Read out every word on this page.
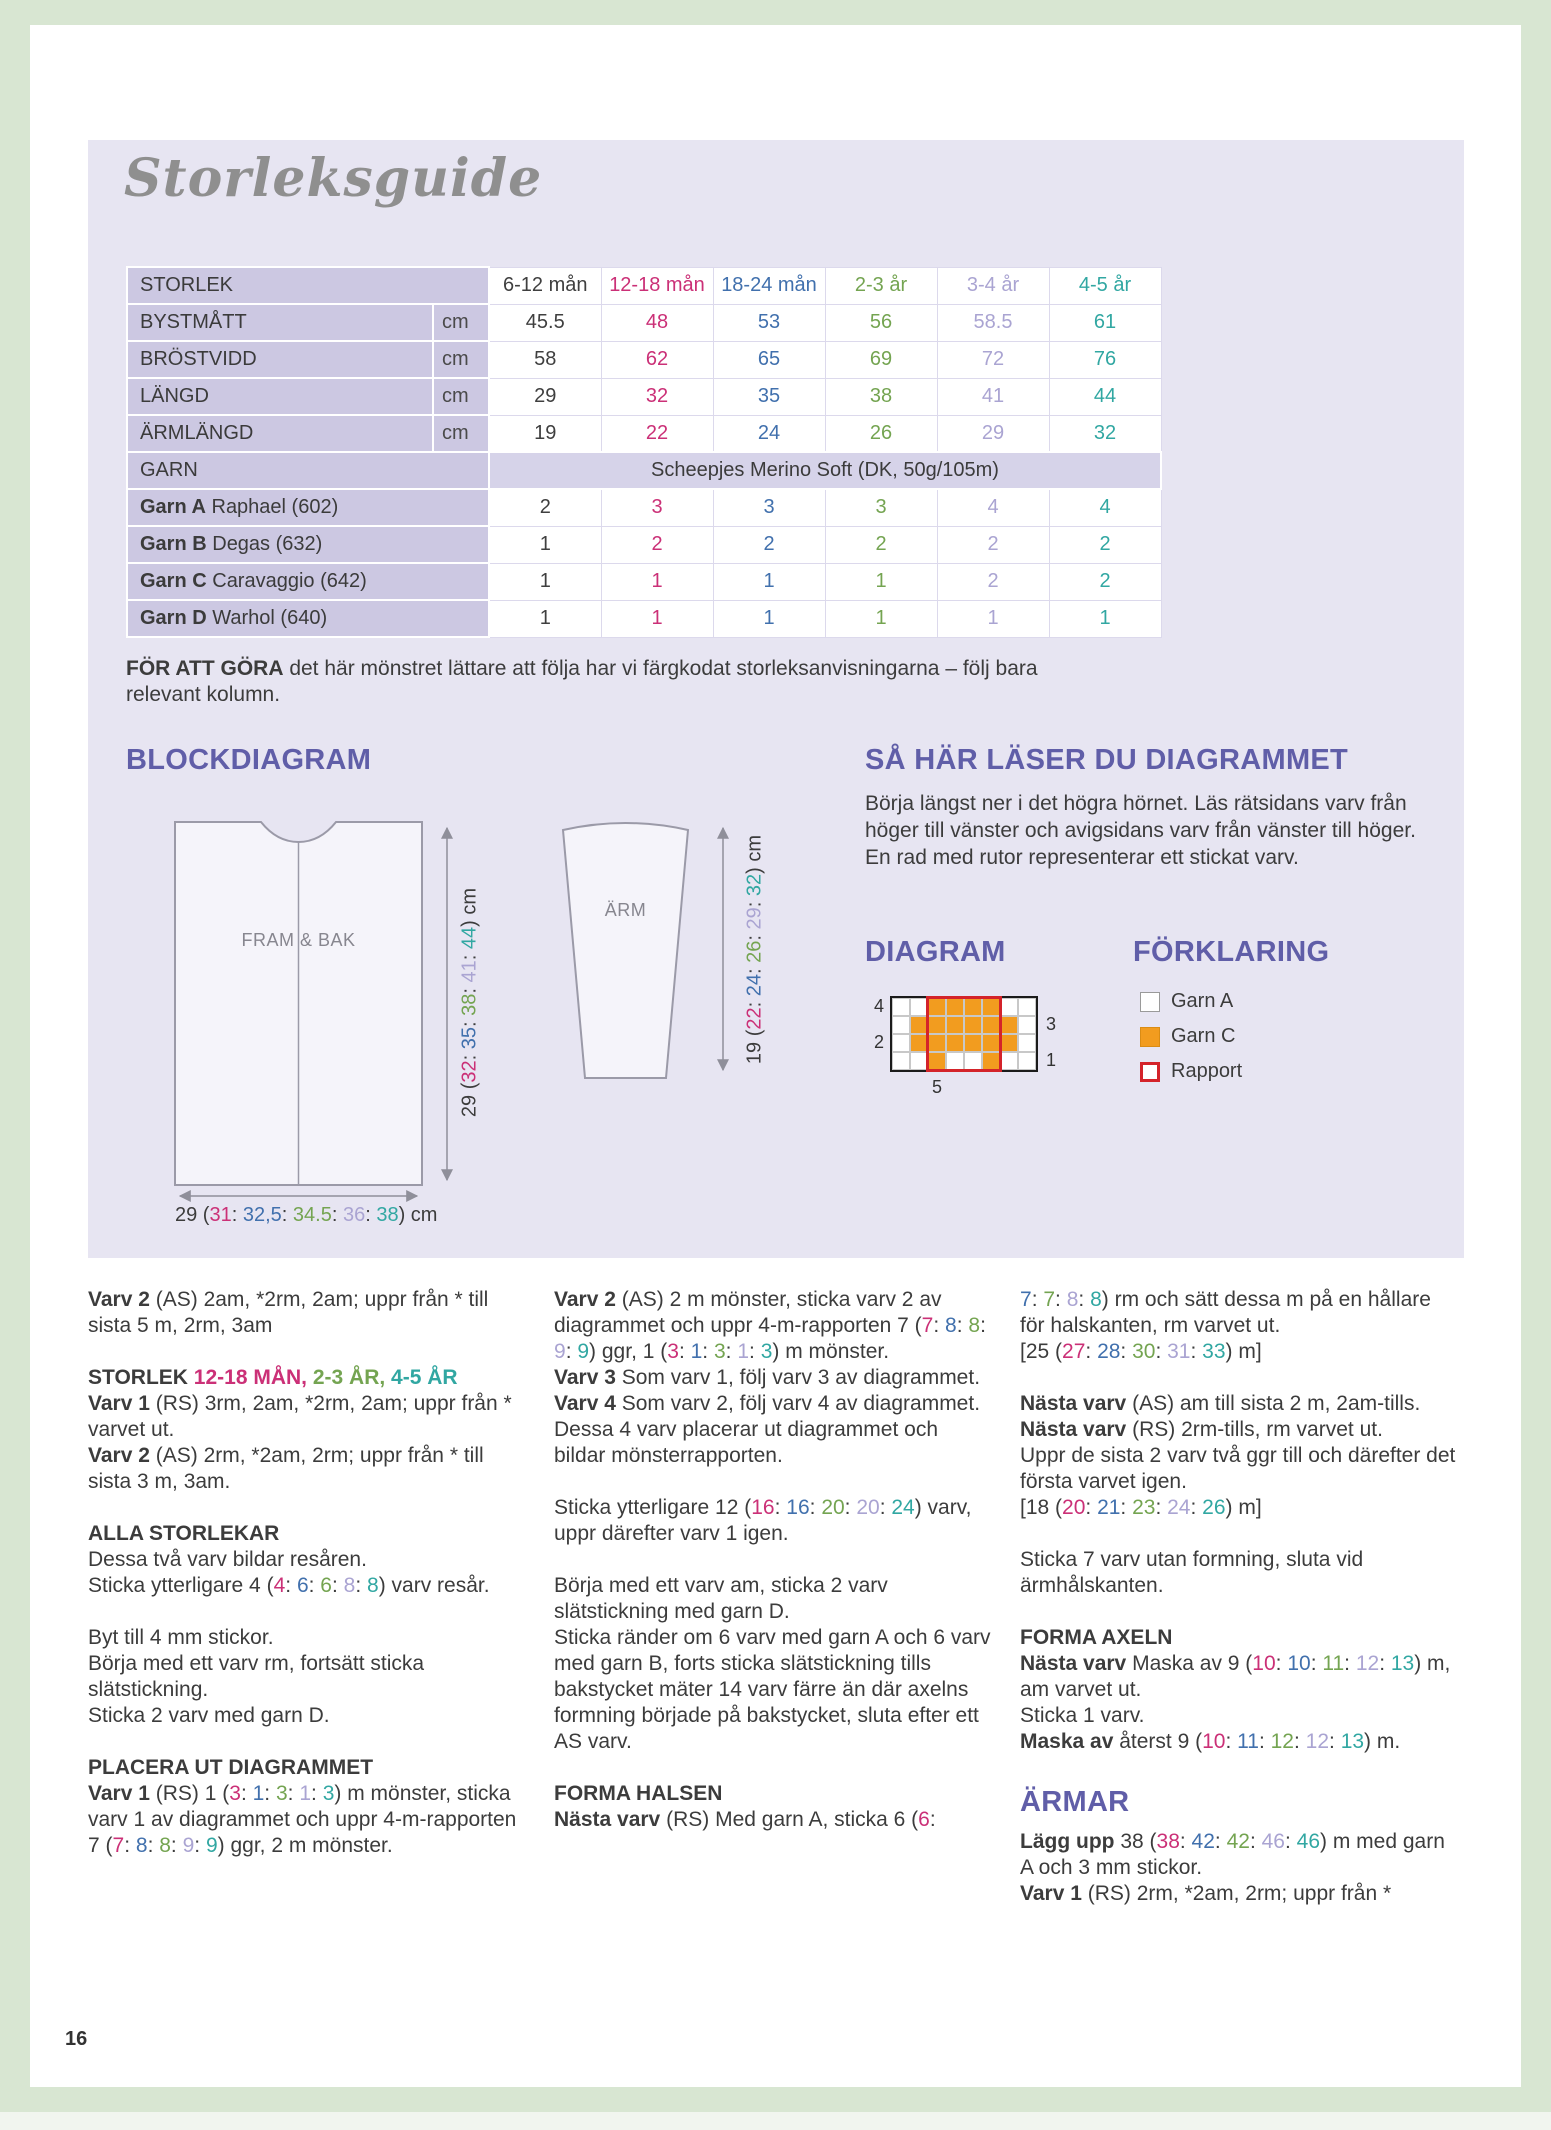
Storleksguide
STORLEK		6-12 mån	12-18 mån	18-24 mån	2-3 år	3-4 år	4-5 år
BYSTMÅTT	cm	45.5	48	53	56	58.5	61
BRÖSTVIDD	cm	58	62	65	69	72	76
LÄNGD	cm	29	32	35	38	41	44
ÄRMLÄNGD	cm	19	22	24	26	29	32
GARN		Scheepjes Merino Soft (DK, 50g/105m)					
Garn A Raphael (602)		2	3	3	3	4	4
Garn B Degas (632)		1	2	2	2	2	2
Garn C Caravaggio (642)		1	1	1	1	2	2
Garn D Warhol (640)		1	1	1	1	1	1

FÖR ATT GÖRA det här mönstret lättare att följa har vi färgkodat storleksanvisningarna – följ bara relevant kolumn.

BLOCKDIAGRAM
FRAM & BAK
ÄRM
29 (31: 32,5: 34.5: 36: 38) cm
29 (32: 35: 38: 41: 44) cm
19 (22: 24: 26: 29: 32) cm
SÅ HÄR LÄSER DU DIAGRAMMET
Börja längst ner i det högra hörnet. Läs rätsidans varv från höger till vänster och avigsidans varv från vänster till höger. En rad med rutor representerar ett stickat varv.
DIAGRAM	FÖRKLARING
4
2
3
1
5
Garn A
Garn C
Rapport
Varv 2 (AS) 2am, *2rm, 2am; uppr från * till sista 5 m, 2rm, 3am
STORLEK 12-18 MÅN, 2-3 ÅR, 4-5 ÅR
Varv 1 (RS) 3rm, 2am, *2rm, 2am; uppr från * varvet ut.
Varv 2 (AS) 2rm, *2am, 2rm; uppr från * till sista 3 m, 3am.
ALLA STORLEKAR
Dessa två varv bildar resåren.
Sticka ytterligare 4 (4: 6: 6: 8: 8) varv resår.
Byt till 4 mm stickor.
Börja med ett varv rm, fortsätt sticka slätstickning.
Sticka 2 varv med garn D.
PLACERA UT DIAGRAMMET
Varv 1 (RS) 1 (3: 1: 3: 1: 3) m mönster, sticka varv 1 av diagrammet och uppr 4-m-rapporten 7 (7: 8: 8: 9: 9) ggr, 2 m mönster.
Varv 2 (AS) 2 m mönster, sticka varv 2 av diagrammet och uppr 4-m-rapporten 7 (7: 8: 8: 9: 9) ggr, 1 (3: 1: 3: 1: 3) m mönster.
Varv 3 Som varv 1, följ varv 3 av diagrammet.
Varv 4 Som varv 2, följ varv 4 av diagrammet.
Dessa 4 varv placerar ut diagrammet och bildar mönsterrapporten.
Sticka ytterligare 12 (16: 16: 20: 20: 24) varv, uppr därefter varv 1 igen.
Börja med ett varv am, sticka 2 varv slätstickning med garn D.
Sticka ränder om 6 varv med garn A och 6 varv med garn B, forts sticka slätstickning tills bakstycket mäter 14 varv färre än där axelns formning började på bakstycket, sluta efter ett AS varv.
FORMA HALSEN
Nästa varv (RS) Med garn A, sticka 6 (6:
7: 7: 8: 8) rm och sätt dessa m på en hållare för halskanten, rm varvet ut.
[25 (27: 28: 30: 31: 33) m]
Nästa varv (AS) am till sista 2 m, 2am-tills.
Nästa varv (RS) 2rm-tills, rm varvet ut.
Uppr de sista 2 varv två ggr till och därefter det första varvet igen.
[18 (20: 21: 23: 24: 26) m]
Sticka 7 varv utan formning, sluta vid ärmhålskanten.
FORMA AXELN
Nästa varv Maska av 9 (10: 10: 11: 12: 13) m, am varvet ut.
Sticka 1 varv.
Maska av återst 9 (10: 11: 12: 12: 13) m.
ÄRMAR
Lägg upp 38 (38: 42: 42: 46: 46) m med garn A och 3 mm stickor.
Varv 1 (RS) 2rm, *2am, 2rm; uppr från *
16
